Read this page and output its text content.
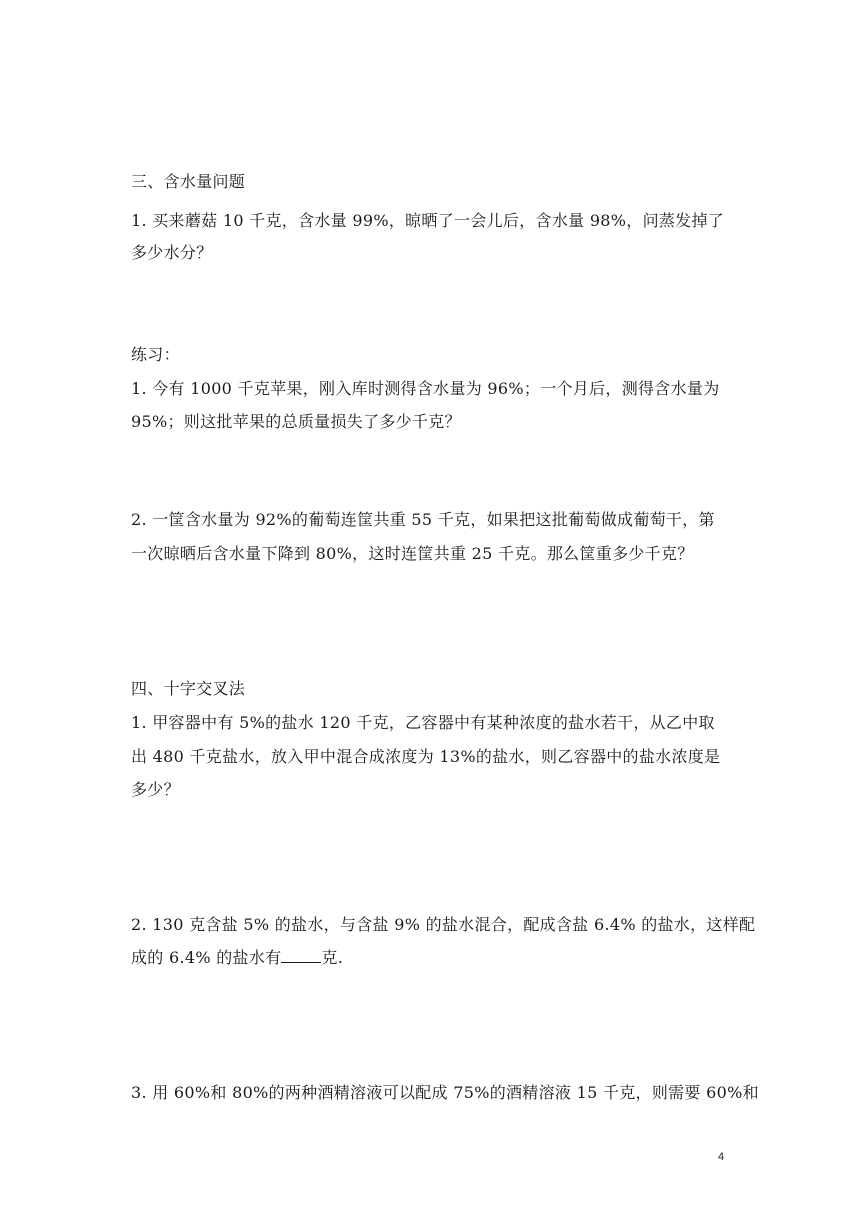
三、含水量问题
1. 买来蘑菇 10 千克，含水量 99%，晾晒了一会儿后，含水量 98%，问蒸发掉了
多少水分？
练习：
1. 今有 1000 千克苹果，刚入库时测得含水量为 96%；一个月后，测得含水量为
95%；则这批苹果的总质量损失了多少千克？
2. 一筐含水量为 92%的葡萄连筐共重 55 千克，如果把这批葡萄做成葡萄干，第
一次晾晒后含水量下降到 80%，这时连筐共重 25 千克。那么筐重多少千克？
四、十字交叉法
1. 甲容器中有 5%的盐水 120 千克，乙容器中有某种浓度的盐水若干，从乙中取
出 480 千克盐水，放入甲中混合成浓度为 13%的盐水，则乙容器中的盐水浓度是
多少？
2. 130 克含盐 5% 的盐水，与含盐 9% 的盐水混合，配成含盐 6.4% 的盐水，这样配
成的 6.4% 的盐水有	克.
3. 用 60%和 80%的两种酒精溶液可以配成 75%的酒精溶液 15 千克，则需要 60%和
4
